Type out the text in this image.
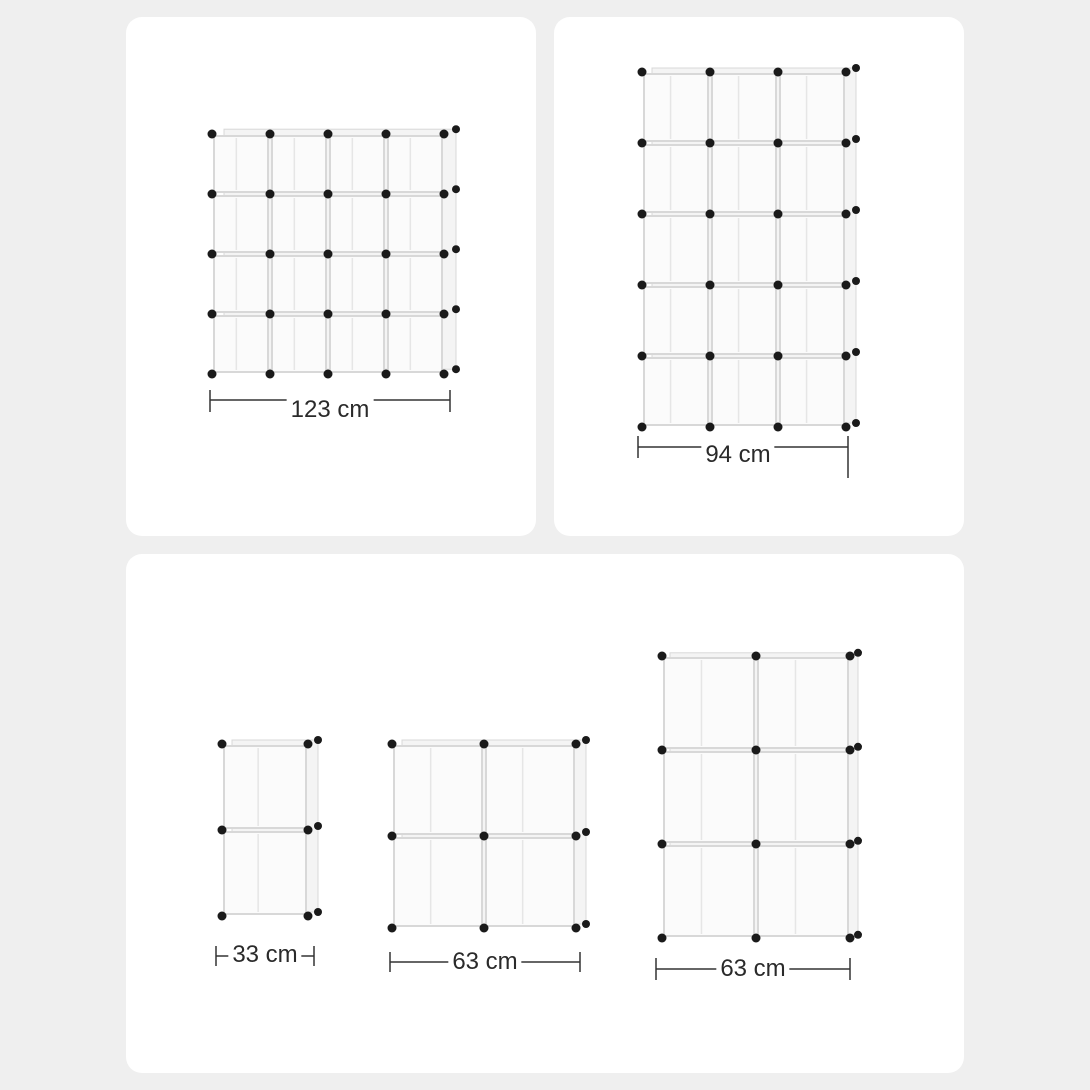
123 cm
94 cm
33 cm	63 cm	63 cm
